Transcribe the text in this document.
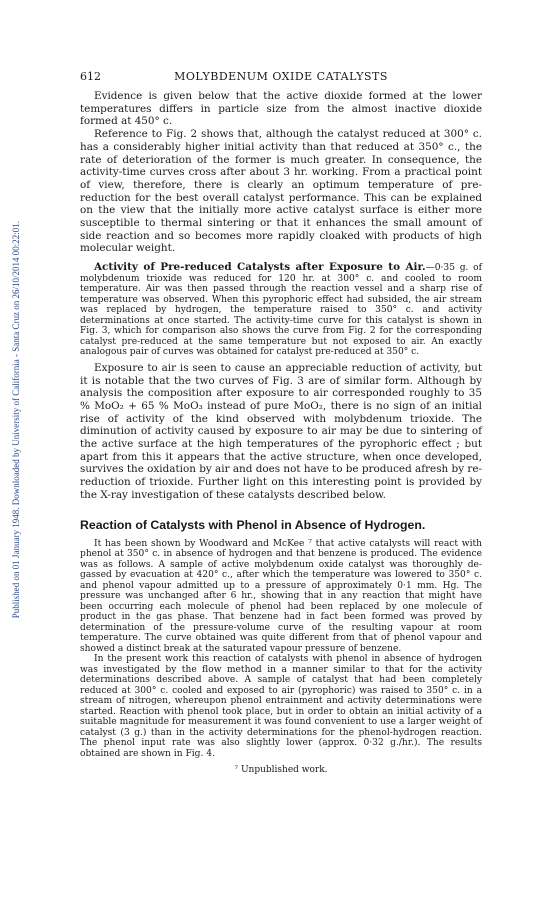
Published on 01 January 1948. Downloaded by University of California - Santa Cruz on 26/10/2014 00:22:01.
612	MOLYBDENUM OXIDE CATALYSTS

Evidence is given below that the active dioxide formed at the lower temperatures differs in particle size from the almost inactive dioxide formed at 450° c.

Reference to Fig. 2 shows that, although the catalyst reduced at 300° c. has a considerably higher initial activity than that reduced at 350° c., the rate of deterioration of the former is much greater. In consequence, the activity-time curves cross after about 3 hr. working. From a practical point of view, therefore, there is clearly an optimum temperature of pre-reduction for the best overall catalyst performance. This can be explained on the view that the initially more active catalyst surface is either more susceptible to thermal sintering or that it enhances the small amount of side reaction and so becomes more rapidly cloaked with products of high molecular weight.

Activity of Pre-reduced Catalysts after Exposure to Air.—0·35 g. of molybdenum trioxide was reduced for 120 hr. at 300° c. and cooled to room temperature. Air was then passed through the reaction vessel and a sharp rise of temperature was observed. When this pyrophoric effect had subsided, the air stream was replaced by hydrogen, the temperature raised to 350° c. and activity determinations at once started. The activity-time curve for this catalyst is shown in Fig. 3, which for comparison also shows the curve from Fig. 2 for the corresponding catalyst pre-reduced at the same temperature but not exposed to air. An exactly analogous pair of curves was obtained for catalyst pre-reduced at 350° c.

Exposure to air is seen to cause an appreciable reduction of activity, but it is notable that the two curves of Fig. 3 are of similar form. Although by analysis the composition after exposure to air corresponded roughly to 35 % MoO₂ + 65 % MoO₃ instead of pure MoO₂, there is no sign of an initial rise of activity of the kind observed with molybdenum trioxide. The diminution of activity caused by exposure to air may be due to sintering of the active surface at the high temperatures of the pyrophoric effect ; but apart from this it appears that the active structure, when once developed, survives the oxidation by air and does not have to be produced afresh by re-reduction of trioxide. Further light on this interesting point is provided by the X-ray investigation of these catalysts described below.

Reaction of Catalysts with Phenol in Absence of Hydrogen.

It has been shown by Woodward and McKee ⁷ that active catalysts will react with phenol at 350° c. in absence of hydrogen and that benzene is produced. The evidence was as follows. A sample of active molybdenum oxide catalyst was thoroughly de-gassed by evacuation at 420° c., after which the temperature was lowered to 350° c. and phenol vapour admitted up to a pressure of approximately 0·1 mm. Hg. The pressure was unchanged after 6 hr., showing that in any reaction that might have been occurring each molecule of phenol had been replaced by one molecule of product in the gas phase. That benzene had in fact been formed was proved by determination of the pressure-volume curve of the resulting vapour at room temperature. The curve obtained was quite different from that of phenol vapour and showed a distinct break at the saturated vapour pressure of benzene.

In the present work this reaction of catalysts with phenol in absence of hydrogen was investigated by the flow method in a manner similar to that for the activity determinations described above. A sample of catalyst that had been completely reduced at 300° c. cooled and exposed to air (pyrophoric) was raised to 350° c. in a stream of nitrogen, whereupon phenol entrainment and activity determinations were started. Reaction with phenol took place, but in order to obtain an initial activity of a suitable magnitude for measurement it was found convenient to use a larger weight of catalyst (3 g.) than in the activity determinations for the phenol-hydrogen reaction. The phenol input rate was also slightly lower (approx. 0·32 g./hr.). The results obtained are shown in Fig. 4.

⁷ Unpublished work.
